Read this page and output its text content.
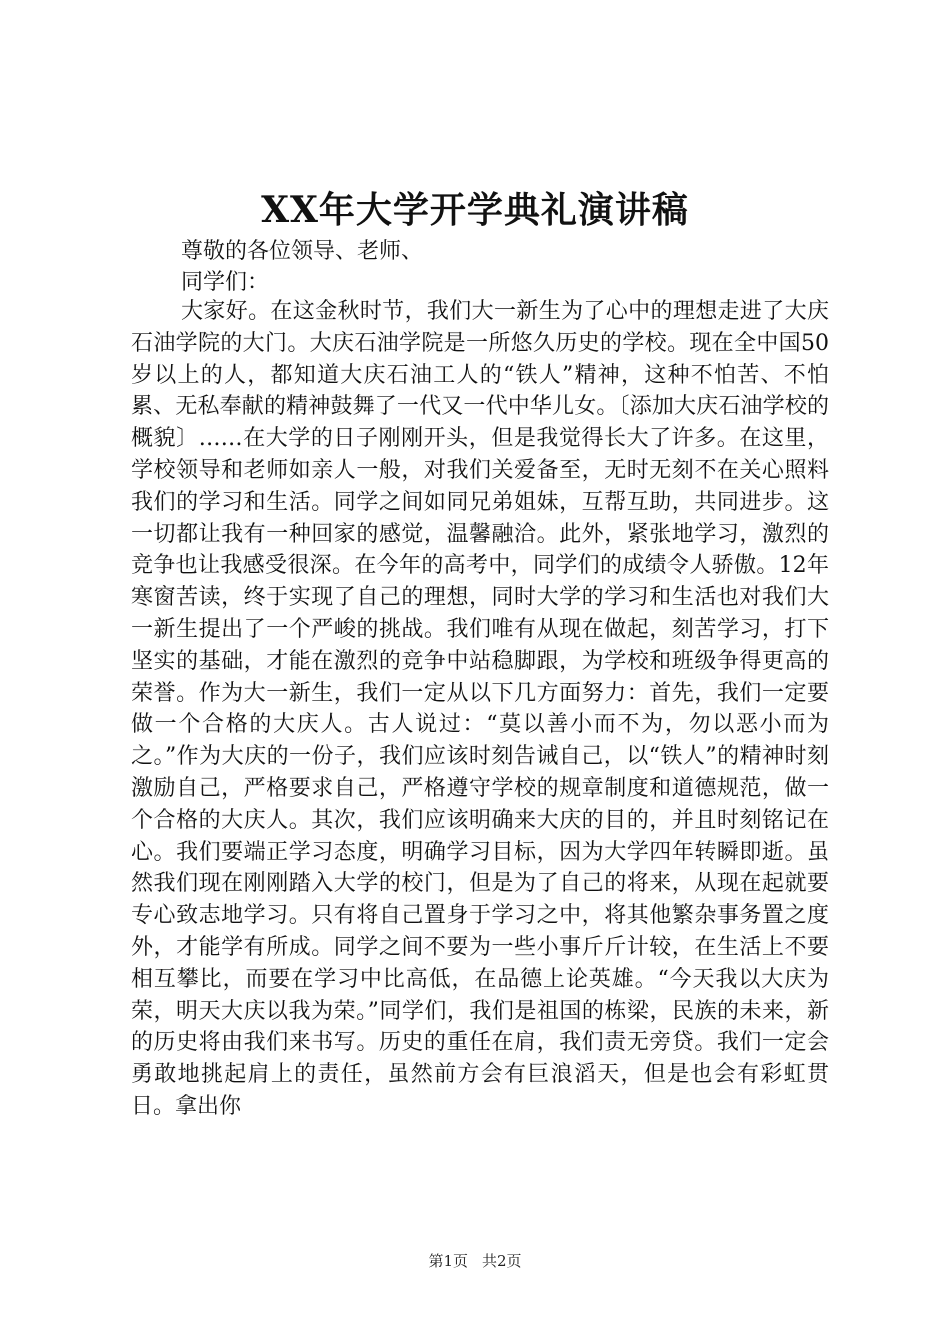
XX年大学开学典礼演讲稿
尊敬的各位领导、老师、
同学们：
大家好。在这金秋时节，我们大一新生为了心中的理想走进了大庆石油学院的大门。大庆石油学院是一所悠久历史的学校。现在全中国50岁以上的人，都知道大庆石油工人的“铁人”精神，这种不怕苦、不怕累、无私奉献的精神鼓舞了一代又一代中华儿女。〔添加大庆石油学校的概貌〕……在大学的日子刚刚开头，但是我觉得长大了许多。在这里，学校领导和老师如亲人一般，对我们关爱备至，无时无刻不在关心照料我们的学习和生活。同学之间如同兄弟姐妹，互帮互助，共同进步。这一切都让我有一种回家的感觉，温馨融洽。此外，紧张地学习，激烈的竞争也让我感受很深。在今年的高考中，同学们的成绩令人骄傲。12年寒窗苦读，终于实现了自己的理想，同时大学的学习和生活也对我们大一新生提出了一个严峻的挑战。我们唯有从现在做起，刻苦学习，打下坚实的基础，才能在激烈的竞争中站稳脚跟，为学校和班级争得更高的荣誉。作为大一新生，我们一定从以下几方面努力：首先，我们一定要做一个合格的大庆人。古人说过：“莫以善小而不为，勿以恶小而为之。”作为大庆的一份子，我们应该时刻告诫自己，以“铁人”的精神时刻激励自己，严格要求自己，严格遵守学校的规章制度和道德规范，做一个合格的大庆人。其次，我们应该明确来大庆的目的，并且时刻铭记在心。我们要端正学习态度，明确学习目标，因为大学四年转瞬即逝。虽然我们现在刚刚踏入大学的校门，但是为了自己的将来，从现在起就要专心致志地学习。只有将自己置身于学习之中，将其他繁杂事务置之度外，才能学有所成。同学之间不要为一些小事斤斤计较，在生活上不要相互攀比，而要在学习中比高低，在品德上论英雄。“今天我以大庆为荣，明天大庆以我为荣。”同学们，我们是祖国的栋梁，民族的未来，新的历史将由我们来书写。历史的重任在肩，我们责无旁贷。我们一定会勇敢地挑起肩上的责任，虽然前方会有巨浪滔天，但是也会有彩虹贯日。拿出你
第1页 共2页
